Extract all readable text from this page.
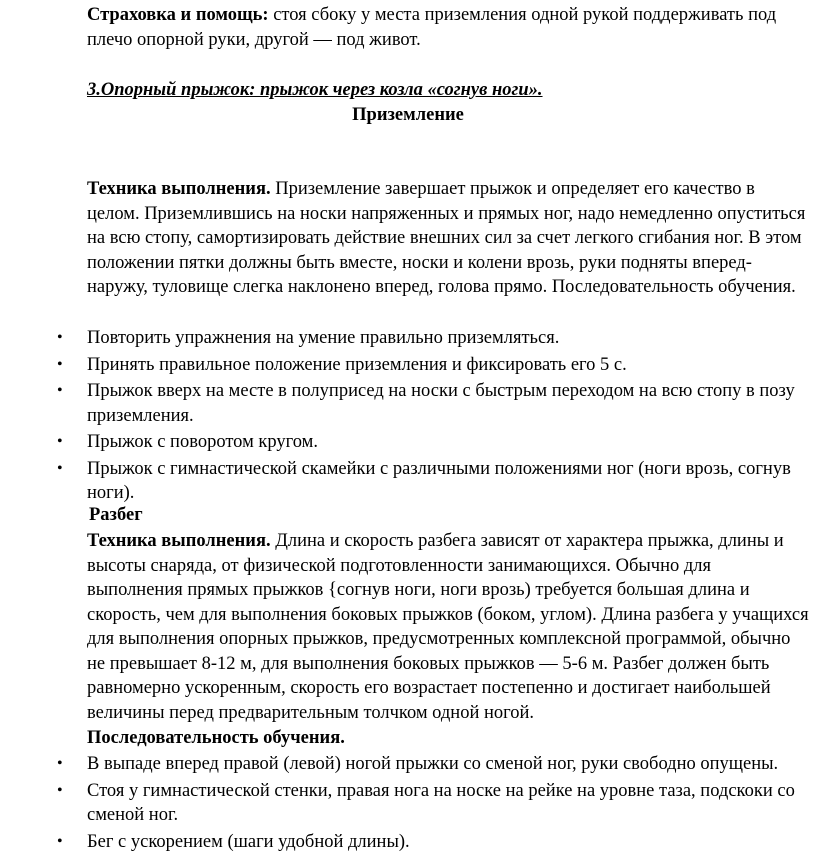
Страховка и помощь: стоя сбоку у места приземления одной рукой поддерживать под плечо опорной руки, другой — под живот.
3.Опорный прыжок: прыжок через козла «согнув ноги».
Приземление
Техника выполнения. Приземление завершает прыжок и определяет его качество в целом. Приземлившись на носки напряженных и прямых ног, надо немедленно опуститься на всю стопу, самортизировать действие внешних сил за счет легкого сгибания ног. В этом положении пятки должны быть вместе, носки и колени врозь, руки подняты вперед-наружу, туловище слегка наклонено вперед, голова прямо. Последовательность обучения.
• Повторить упражнения на умение правильно приземляться.
• Принять правильное положение приземления и фиксировать его 5 с.
• Прыжок вверх на месте в полуприсед на носки с быстрым переходом на всю стопу в позу приземления.
• Прыжок с поворотом кругом.
• Прыжок с гимнастической скамейки с различными положениями ног (ноги врозь, согнув ноги).
Разбег
Техника выполнения. Длина и скорость разбега зависят от характера прыжка, длины и высоты снаряда, от физической подготовленности занимающихся. Обычно для выполнения прямых прыжков {согнув ноги, ноги врозь) требуется большая длина и скорость, чем для выполнения боковых прыжков (боком, углом). Длина разбега у учащихся для выполнения опорных прыжков, предусмотренных комплексной программой, обычно не превышает 8-12 м, для выполнения боковых прыжков — 5-6 м. Разбег должен быть равномерно ускоренным, скорость его возрастает постепенно и достигает наибольшей величины перед предварительным толчком одной ногой.
Последовательность обучения.
• В выпаде вперед правой (левой) ногой прыжки со сменой ног, руки свободно опущены.
• Стоя у гимнастической стенки, правая нога на носке на рейке на уровне таза, подскоки со сменой ног.
• Бег с ускорением (шаги удобной длины).
